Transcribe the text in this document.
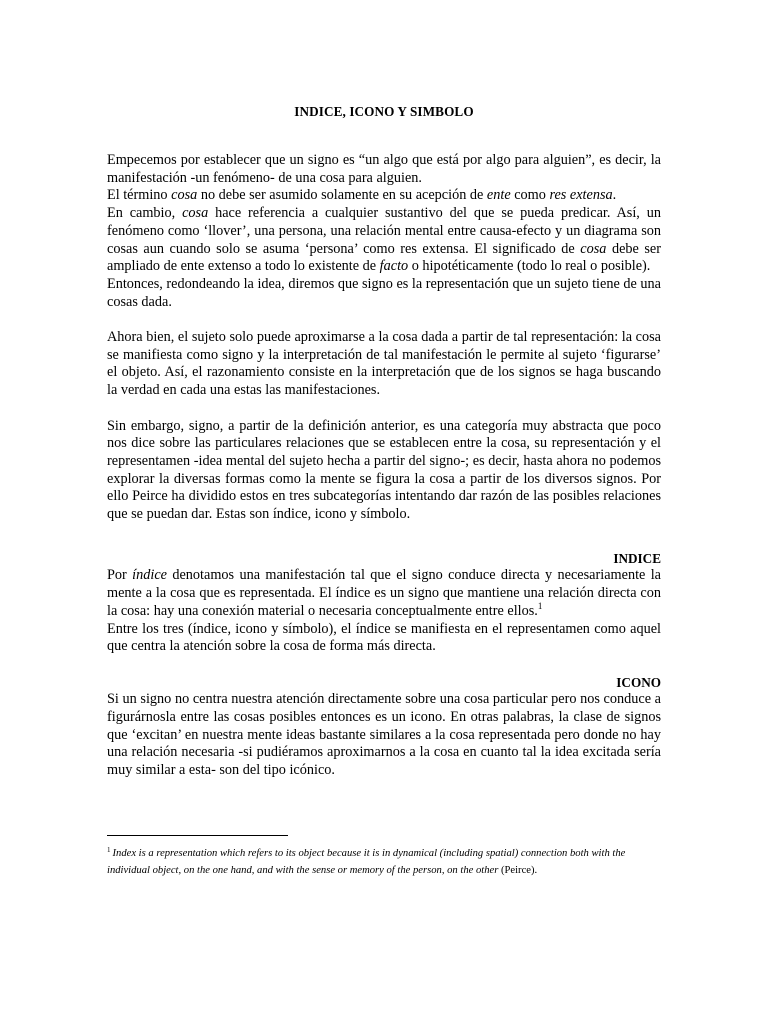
INDICE, ICONO Y SIMBOLO

Empecemos por establecer que un signo es “un algo que está por algo para alguien”, es decir, la manifestación -un fenómeno- de una cosa para alguien.
El término cosa no debe ser asumido solamente en su acepción de ente como res extensa.
En cambio, cosa hace referencia a cualquier sustantivo del que se pueda predicar. Así, un fenómeno como ‘llover’, una persona, una relación mental entre causa-efecto y un diagrama son cosas aun cuando solo se asuma ‘persona’ como res extensa. El significado de cosa debe ser ampliado de ente extenso a todo lo existente de facto o hipotéticamente (todo lo real o posible).
Entonces, redondeando la idea, diremos que signo es la representación que un sujeto tiene de una cosas dada.

Ahora bien, el sujeto solo puede aproximarse a la cosa dada a partir de tal representación: la cosa se manifiesta como signo y la interpretación de tal manifestación le permite al sujeto ‘figurarse’ el objeto. Así, el razonamiento consiste en la interpretación que de los signos se haga buscando la verdad en cada una estas las manifestaciones.

Sin embargo, signo, a partir de la definición anterior, es una categoría muy abstracta que poco nos dice sobre las particulares relaciones que se establecen entre la cosa, su representación y el representamen -idea mental del sujeto hecha a partir del signo-; es decir, hasta ahora no podemos explorar la diversas formas como la mente se figura la cosa a partir de los diversos signos. Por ello Peirce ha dividido estos en tres subcategorías intentando dar razón de las posibles relaciones que se puedan dar. Estas son índice, icono y símbolo.

INDICE

Por índice denotamos una manifestación tal que el signo conduce directa y necesariamente la mente a la cosa que es representada. El índice es un signo que mantiene una relación directa con la cosa: hay una conexión material o necesaria conceptualmente entre ellos.$^1$
Entre los tres (índice, icono y símbolo), el índice se manifiesta en el representamen como aquel que centra la atención sobre la cosa de forma más directa.

ICONO

Si un signo no centra nuestra atención directamente sobre una cosa particular pero nos conduce a figurárnosla entre las cosas posibles entonces es un icono. En otras palabras, la clase de signos que ‘excitan’ en nuestra mente ideas bastante similares a la cosa representada pero donde no hay una relación necesaria -si pudiéramos aproximarnos a la cosa en cuanto tal la idea excitada sería muy similar a esta- son del tipo icónico.

$^1$ Index is a representation which refers to its object because it is in dynamical (including spatial) connection both with the individual object, on the one hand, and with the sense or memory of the person, on the other (Peirce).
